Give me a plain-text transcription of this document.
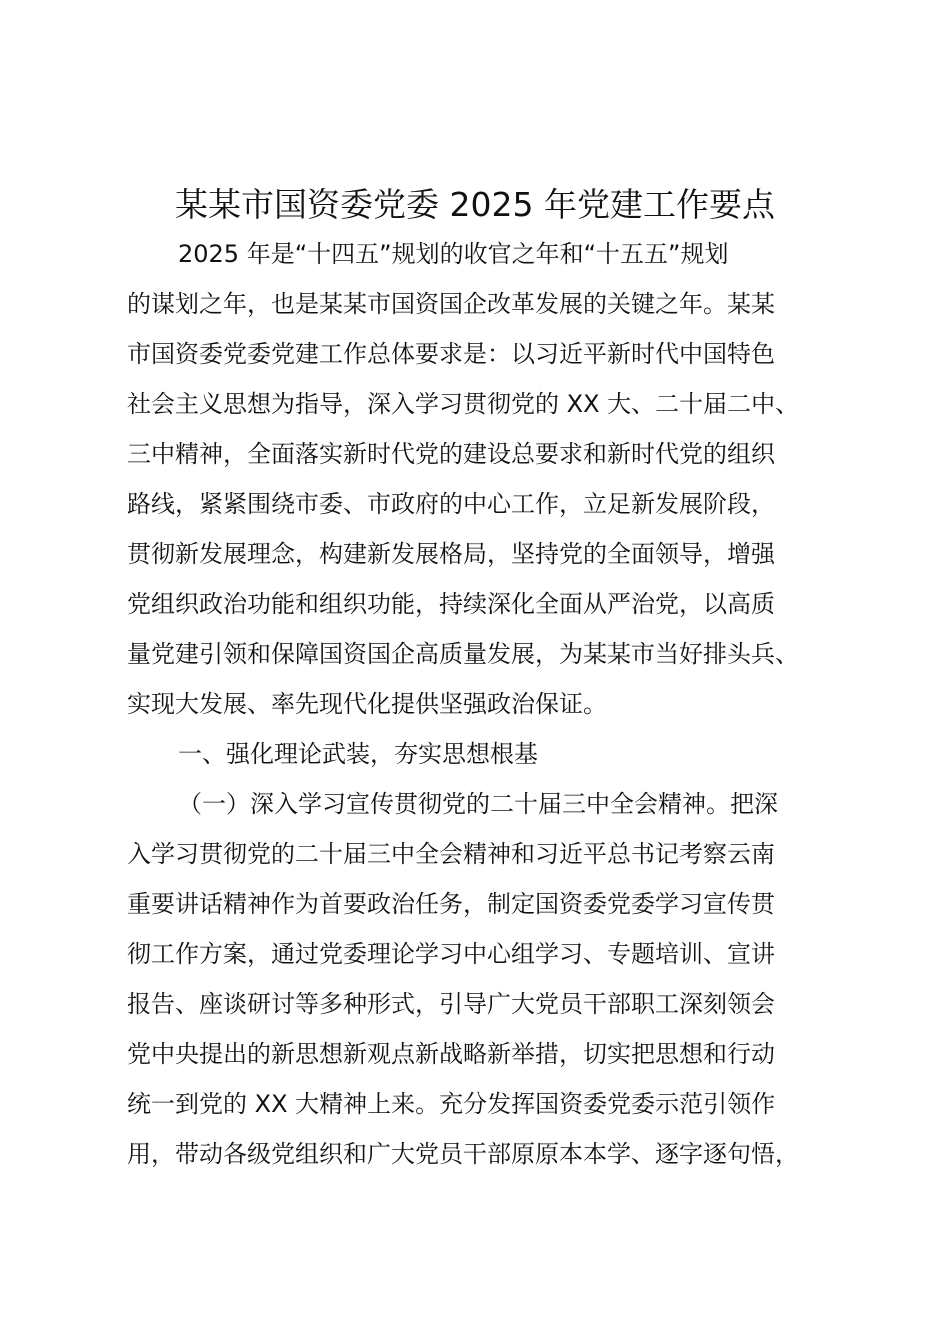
某某市国资委党委 2025 年党建工作要点

2025 年是“十四五”规划的收官之年和“十五五”规划

的谋划之年，也是某某市国资国企改革发展的关键之年。某某

市国资委党委党建工作总体要求是：以习近平新时代中国特色

社会主义思想为指导，深入学习贯彻党的 XX 大、二十届二中、

三中精神，全面落实新时代党的建设总要求和新时代党的组织

路线，紧紧围绕市委、市政府的中心工作，立足新发展阶段，

贯彻新发展理念，构建新发展格局，坚持党的全面领导，增强

党组织政治功能和组织功能，持续深化全面从严治党，以高质

量党建引领和保障国资国企高质量发展，为某某市当好排头兵、

实现大发展、率先现代化提供坚强政治保证。

一、强化理论武装，夯实思想根基

（一）深入学习宣传贯彻党的二十届三中全会精神。把深

入学习贯彻党的二十届三中全会精神和习近平总书记考察云南

重要讲话精神作为首要政治任务，制定国资委党委学习宣传贯

彻工作方案，通过党委理论学习中心组学习、专题培训、宣讲

报告、座谈研讨等多种形式，引导广大党员干部职工深刻领会

党中央提出的新思想新观点新战略新举措，切实把思想和行动

统一到党的 XX 大精神上来。充分发挥国资委党委示范引领作

用，带动各级党组织和广大党员干部原原本本学、逐字逐句悟，
